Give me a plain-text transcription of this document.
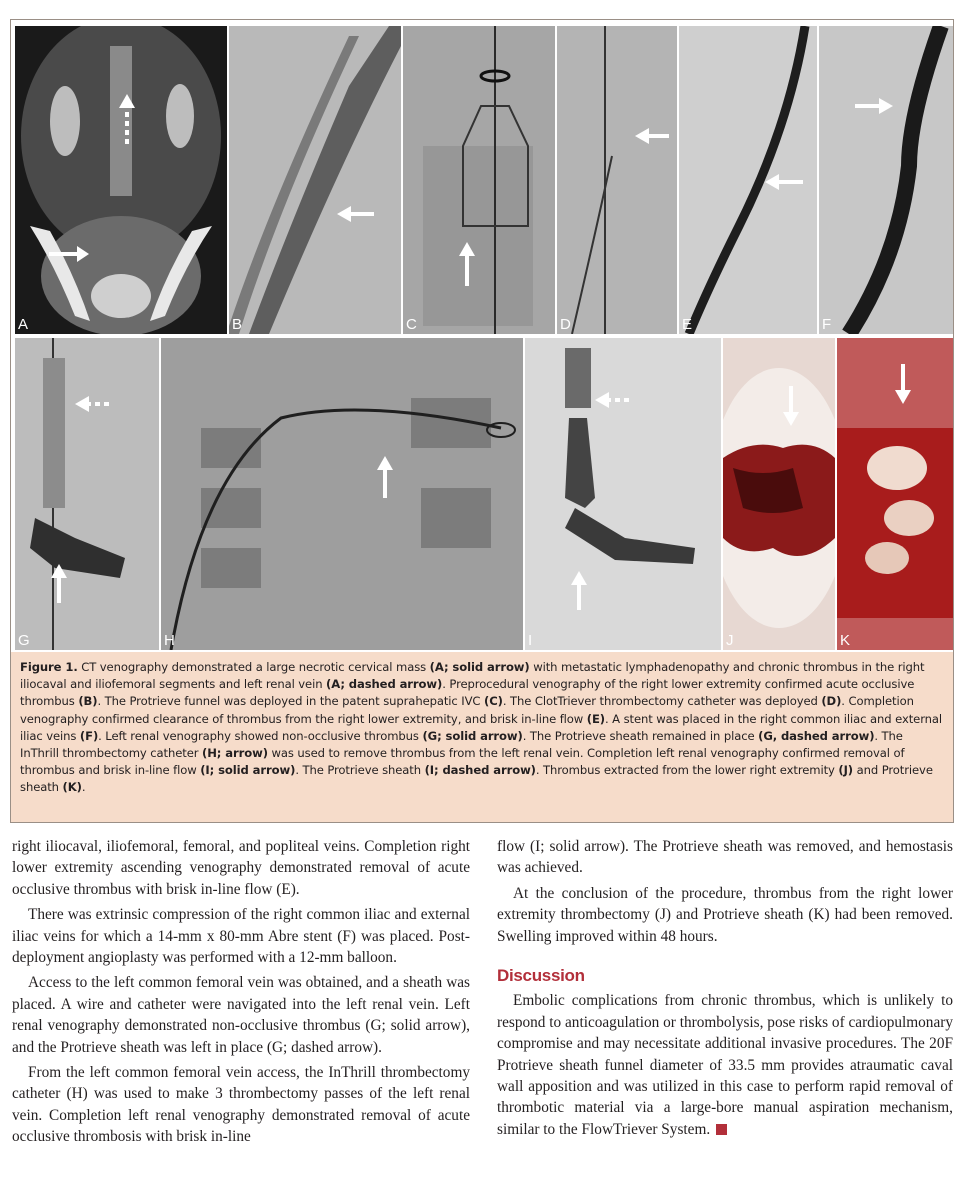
A	B	C	D	E	F
G	H	I	J	K
Figure 1. CT venography demonstrated a large necrotic cervical mass (A; solid arrow) with metastatic lymphadenopathy and chronic thrombus in the right iliocaval and iliofemoral segments and left renal vein (A; dashed arrow). Preprocedural venography of the right lower extremity confirmed acute occlusive thrombus (B). The Protrieve funnel was deployed in the patent suprahepatic IVC (C). The ClotTriever thrombectomy catheter was deployed (D). Completion venography confirmed clearance of thrombus from the right lower extremity, and brisk in-line flow (E). A stent was placed in the right common iliac and external iliac veins (F). Left renal venography showed non-occlusive thrombus (G; solid arrow). The Protrieve sheath remained in place (G, dashed arrow). The InThrill thrombectomy catheter (H; arrow) was used to remove thrombus from the left renal vein. Completion left renal venography confirmed removal of thrombus and brisk in-line flow (I; solid arrow). The Protrieve sheath (I; dashed arrow). Thrombus extracted from the lower right extremity (J) and Protrieve sheath (K).

right iliocaval, iliofemoral, femoral, and popliteal veins. Completion right lower extremity ascending venography demonstrated removal of acute occlusive thrombus with brisk in-line flow (E).

There was extrinsic compression of the right common iliac and external iliac veins for which a 14-mm x 80-mm Abre stent (F) was placed. Post-deployment angioplasty was performed with a 12-mm balloon.

Access to the left common femoral vein was obtained, and a sheath was placed. A wire and catheter were navigated into the left renal vein. Left renal venography demonstrated non-occlusive thrombus (G; solid arrow), and the Protrieve sheath was left in place (G; dashed arrow).

From the left common femoral vein access, the InThrill thrombectomy catheter (H) was used to make 3 thrombectomy passes of the left renal vein. Completion left renal venography demonstrated removal of acute occlusive thrombosis with brisk in-line

flow (I; solid arrow). The Protrieve sheath was removed, and hemostasis was achieved.

At the conclusion of the procedure, thrombus from the right lower extremity thrombectomy (J) and Protrieve sheath (K) had been removed. Swelling improved within 48 hours.

Discussion

Embolic complications from chronic thrombus, which is unlikely to respond to anticoagulation or thrombolysis, pose risks of cardiopulmonary compromise and may necessitate additional invasive procedures. The 20F Protrieve sheath funnel diameter of 33.5 mm provides atraumatic caval wall apposition and was utilized in this case to perform rapid removal of thrombotic material via a large-bore manual aspiration mechanism, similar to the FlowTriever System.
